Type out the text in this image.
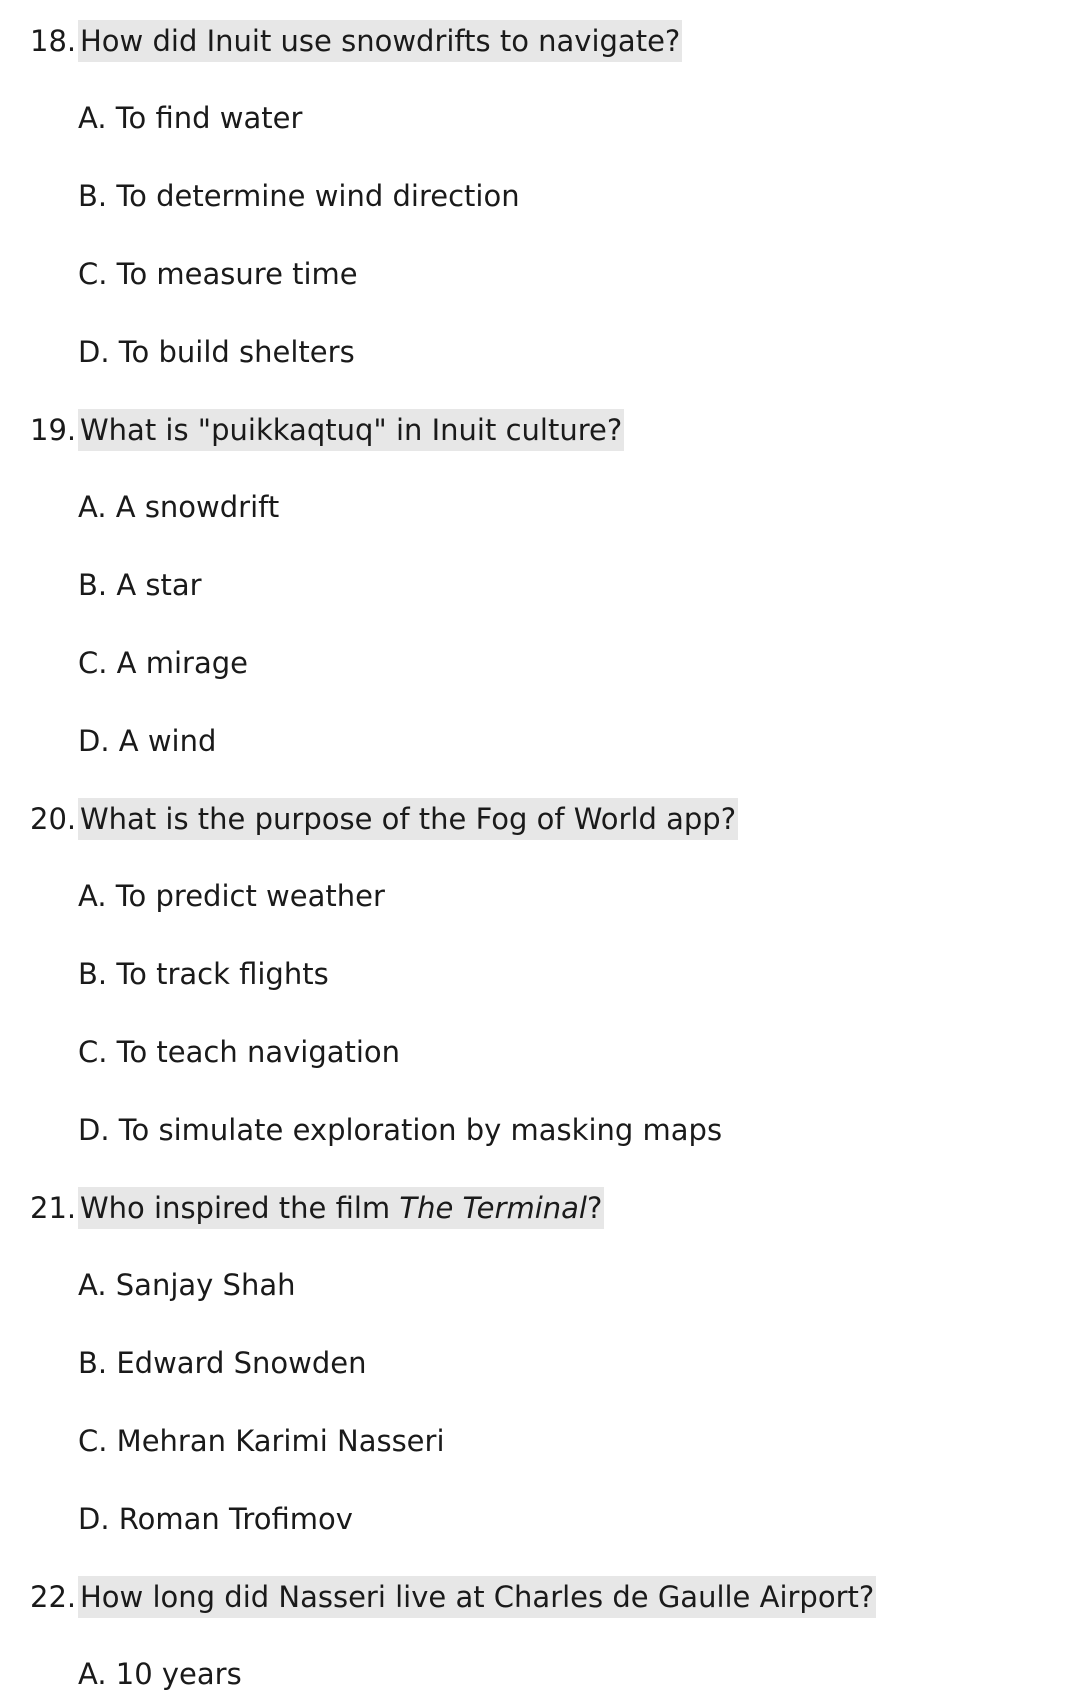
18. How did Inuit use snowdrifts to navigate?
A. To find water
B. To determine wind direction
C. To measure time
D. To build shelters
19. What is "puikkaqtuq" in Inuit culture?
A. A snowdrift
B. A star
C. A mirage
D. A wind
20. What is the purpose of the Fog of World app?
A. To predict weather
B. To track flights
C. To teach navigation
D. To simulate exploration by masking maps
21. Who inspired the film The Terminal?
A. Sanjay Shah
B. Edward Snowden
C. Mehran Karimi Nasseri
D. Roman Trofimov
22. How long did Nasseri live at Charles de Gaulle Airport?
A. 10 years
